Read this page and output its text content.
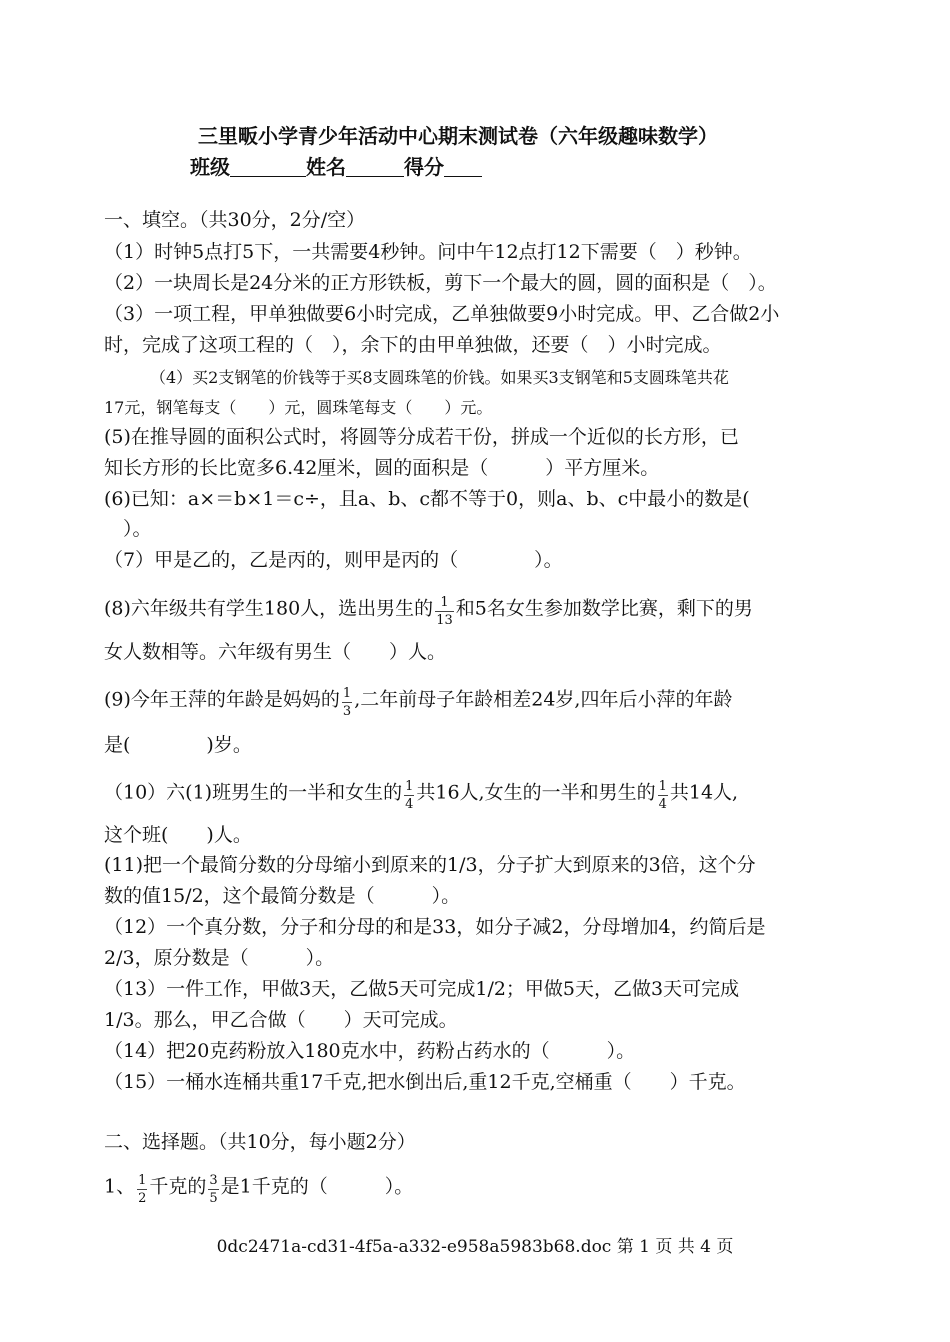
三里畈小学青少年活动中心期末测试卷（六年级趣味数学）
班级	姓名	得分
一、填空。（共30分，2分/空）
（1）时钟5点打5下，一共需要4秒钟。问中午12点打12下需要（　）秒钟。
（2）一块周长是24分米的正方形铁板，剪下一个最大的圆，圆的面积是（　）。
（3）一项工程，甲单独做要6小时完成，乙单独做要9小时完成。甲、乙合做2小
时，完成了这项工程的（　），余下的由甲单独做，还要（　）小时完成。
（4）买2支钢笔的价钱等于买8支圆珠笔的价钱。如果买3支钢笔和5支圆珠笔共花
17元，钢笔每支（　　）元，圆珠笔每支（　　）元。
(5)在推导圆的面积公式时，将圆等分成若干份，拼成一个近似的长方形，已
知长方形的长比宽多6.42厘米，圆的面积是（　　　）平方厘米。
(6)已知：a×＝b×1＝c÷，且a、b、c都不等于0，则a、b、c中最小的数是(
　）。
（7）甲是乙的，乙是丙的，则甲是丙的（　　　　）。
(8)六年级共有学生180人，选出男生的 $\frac{1}{13}$ 和5名女生参加数学比赛，剩下的男
女人数相等。六年级有男生（　　）人。
(9)今年王萍的年龄是妈妈的 $\frac{1}{3}$ ,二年前母子年龄相差24岁,四年后小萍的年龄
是(　　　　)岁。
（10）六(1)班男生的一半和女生的 $\frac{1}{4}$ 共16人,女生的一半和男生的 $\frac{1}{4}$ 共14人,
这个班(　　)人。
(11)把一个最简分数的分母缩小到原来的1/3，分子扩大到原来的3倍，这个分
数的值15/2，这个最简分数是（　　　）。
（12）一个真分数，分子和分母的和是33，如分子减2，分母增加4，约简后是
2/3，原分数是（　　　）。
（13）一件工作，甲做3天，乙做5天可完成1/2；甲做5天，乙做3天可完成
1/3。那么，甲乙合做（　　）天可完成。
（14）把20克药粉放入180克水中，药粉占药水的（　　　）。
（15）一桶水连桶共重17千克,把水倒出后,重12千克,空桶重（　　）千克。
二、选择题。（共10分，每小题2分）
1、 $\frac{1}{2}$ 千克的 $\frac{3}{5}$ 是1千克的（　　　）。
0dc2471a-cd31-4f5a-a332-e958a5983b68.doc 第 1 页 共 4 页
